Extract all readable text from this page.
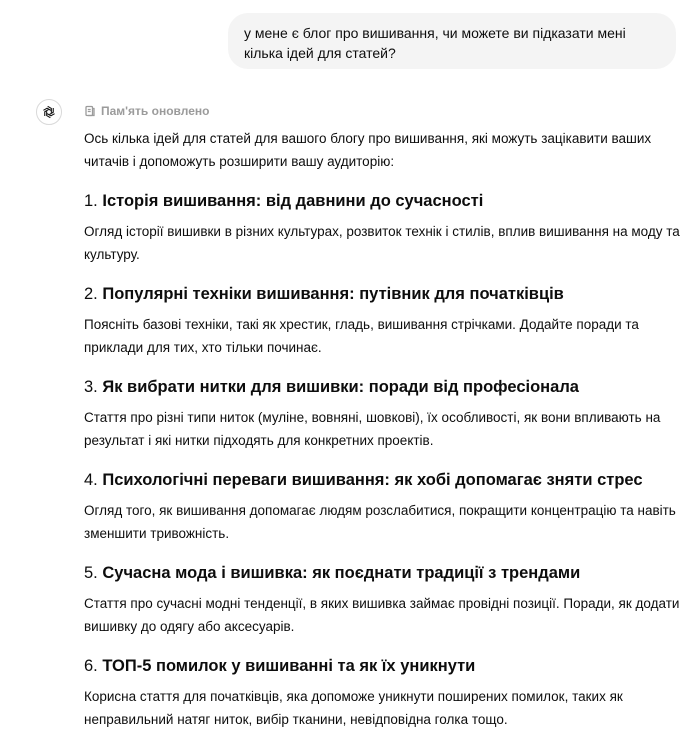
у мене є блог про вишивання, чи можете ви підказати мені кілька ідей для статей?
Пам'ять оновлено

Ось кілька ідей для статей для вашого блогу про вишивання, які можуть зацікавити ваших читачів і допоможуть розширити вашу аудиторію:

1. Історія вишивання: від давнини до сучасності

Огляд історії вишивки в різних культурах, розвиток технік і стилів, вплив вишивання на моду та культуру.

2. Популярні техніки вишивання: путівник для початківців

Поясніть базові техніки, такі як хрестик, гладь, вишивання стрічками. Додайте поради та приклади для тих, хто тільки починає.

3. Як вибрати нитки для вишивки: поради від професіонала

Стаття про різні типи ниток (муліне, вовняні, шовкові), їх особливості, як вони впливають на результат і які нитки підходять для конкретних проектів.

4. Психологічні переваги вишивання: як хобі допомагає зняти стрес

Огляд того, як вишивання допомагає людям розслабитися, покращити концентрацію та навіть зменшити тривожність.

5. Сучасна мода і вишивка: як поєднати традиції з трендами

Стаття про сучасні модні тенденції, в яких вишивка займає провідні позиції. Поради, як додати вишивку до одягу або аксесуарів.

6. ТОП-5 помилок у вишиванні та як їх уникнути

Корисна стаття для початківців, яка допоможе уникнути поширених помилок, таких як неправильний натяг ниток, вибір тканини, невідповідна голка тощо.
